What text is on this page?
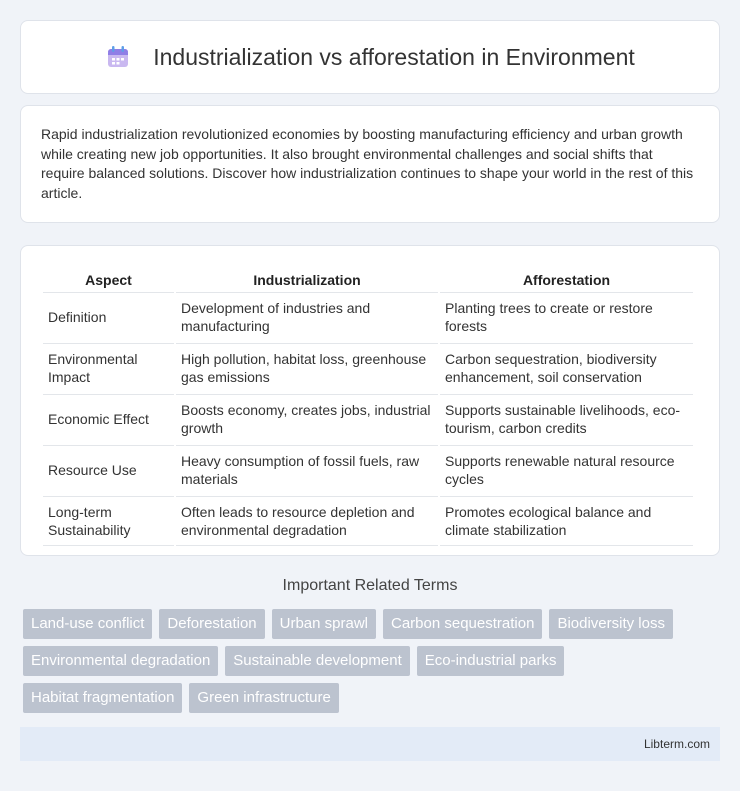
Industrialization vs afforestation in Environment

Rapid industrialization revolutionized economies by boosting manufacturing efficiency and urban growth while creating new job opportunities. It also brought environmental challenges and social shifts that require balanced solutions. Discover how industrialization continues to shape your world in the rest of this article.

Aspect	Industrialization	Afforestation
Definition	Development of industries and manufacturing	Planting trees to create or restore forests
Environmental Impact	High pollution, habitat loss, greenhouse gas emissions	Carbon sequestration, biodiversity enhancement, soil conservation
Economic Effect	Boosts economy, creates jobs, industrial growth	Supports sustainable livelihoods, eco-tourism, carbon credits
Resource Use	Heavy consumption of fossil fuels, raw materials	Supports renewable natural resource cycles
Long-term Sustainability	Often leads to resource depletion and environmental degradation	Promotes ecological balance and climate stabilization
Important Related Terms
Land-use conflict	Deforestation	Urban sprawl	Carbon sequestration	Biodiversity loss
Environmental degradation	Sustainable development	Eco-industrial parks
Habitat fragmentation	Green infrastructure
Libterm.com
